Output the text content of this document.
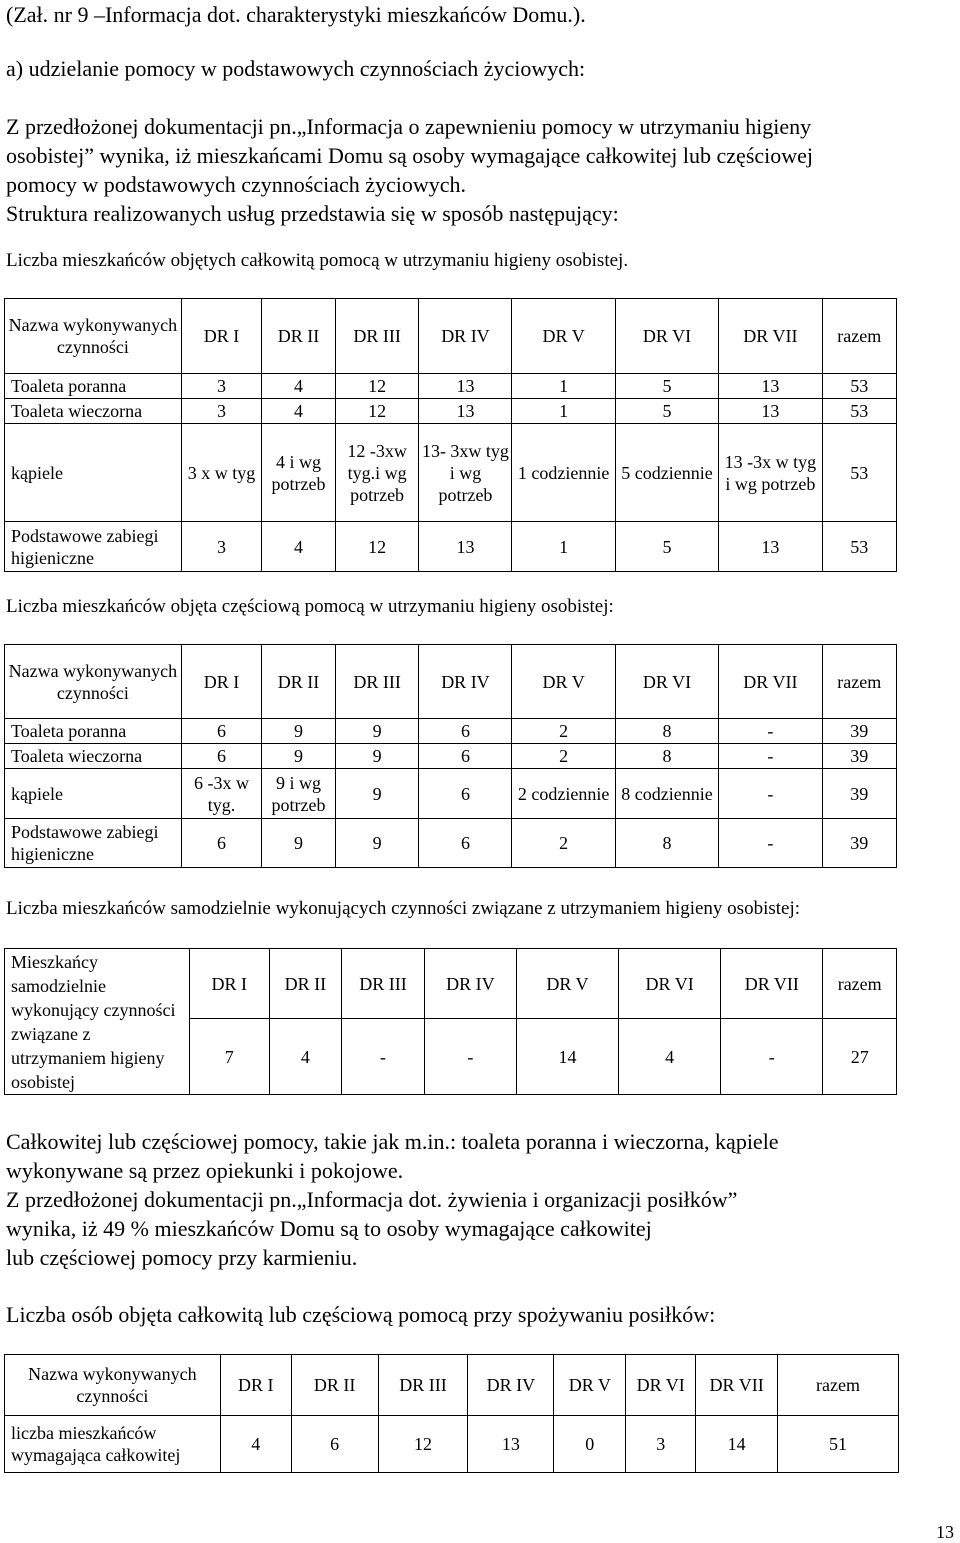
(Zał. nr 9 –Informacja dot. charakterystyki mieszkańców Domu.).
a) udzielanie pomocy w podstawowych czynnościach życiowych:
Z przedłożonej dokumentacji pn.„Informacja o zapewnieniu pomocy w utrzymaniu higieny
osobistej” wynika, iż mieszkańcami Domu są osoby wymagające całkowitej lub częściowej
pomocy w podstawowych czynnościach życiowych.
Struktura realizowanych usług przedstawia się w sposób następujący:
Liczba mieszkańców objętych całkowitą pomocą w utrzymaniu higieny osobistej.
Nazwa wykonywanych czynności	DR I	DR II	DR III	DR IV	DR V	DR VI	DR VII	razem
Toaleta poranna	3	4	12	13	1	5	13	53
Toaleta wieczorna	3	4	12	13	1	5	13	53
kąpiele	3 x w tyg	4 i wg potrzeb	12 -3xw tyg.i wg potrzeb	13- 3xw tyg i wg potrzeb	1 codziennie	5 codziennie	13 -3x w tyg i wg potrzeb	53
Podstawowe zabiegi higieniczne	3	4	12	13	1	5	13	53
Liczba mieszkańców objęta częściową pomocą w utrzymaniu higieny osobistej:
Nazwa wykonywanych czynności	DR I	DR II	DR III	DR IV	DR V	DR VI	DR VII	razem
Toaleta poranna	6	9	9	6	2	8	-	39
Toaleta wieczorna	6	9	9	6	2	8	-	39
kąpiele	6 -3x w tyg.	9 i wg potrzeb	9	6	2 codziennie	8 codziennie	-	39
Podstawowe zabiegi higieniczne	6	9	9	6	2	8	-	39
Liczba mieszkańców samodzielnie wykonujących czynności związane z utrzymaniem higieny osobistej:
Mieszkańcy samodzielnie wykonujący czynności związane z utrzymaniem higieny osobistej	DR I	DR II	DR III	DR IV	DR V	DR VI	DR VII	razem
	7	4	-	-	14	4	-	27
Całkowitej lub częściowej pomocy, takie jak m.in.: toaleta poranna i wieczorna, kąpiele
wykonywane są przez opiekunki i pokojowe.
Z przedłożonej dokumentacji pn.„Informacja dot. żywienia i organizacji posiłków”
wynika, iż 49 % mieszkańców Domu są to osoby wymagające całkowitej
lub częściowej pomocy przy karmieniu.
Liczba osób objęta całkowitą lub częściową pomocą przy spożywaniu posiłków:
Nazwa wykonywanych czynności	DR I	DR II	DR III	DR IV	DR V	DR VI	DR VII	razem
liczba mieszkańców wymagająca całkowitej	4	6	12	13	0	3	14	51
13
